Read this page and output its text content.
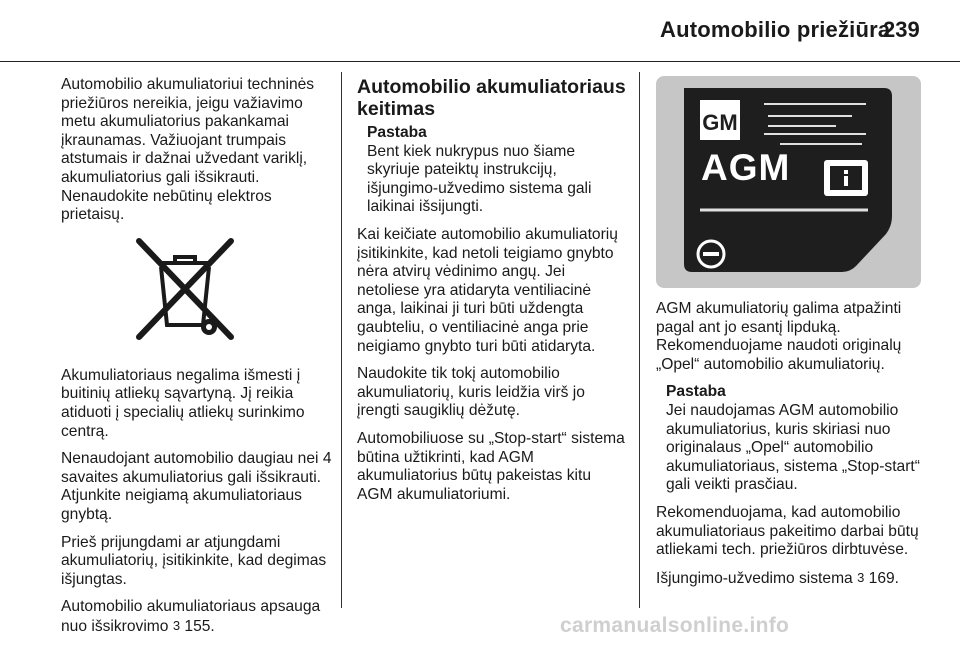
Automobilio priežiūra
239

Automobilio akumuliatoriui techninės priežiūros nereikia, jeigu važiavimo metu akumuliatorius pakankamai įkraunamas. Važiuojant trumpais atstumais ir dažnai užvedant variklį, akumuliatorius gali išsikrauti. Nenaudokite nebūtinų elektros prietaisų.

Akumuliatoriaus negalima išmesti į buitinių atliekų sąvartyną. Jį reikia atiduoti į specialių atliekų surinkimo centrą.

Nenaudojant automobilio daugiau nei 4 savaites akumuliatorius gali išsikrauti. Atjunkite neigiamą akumuliatoriaus gnybtą.

Prieš prijungdami ar atjungdami akumuliatorių, įsitikinkite, kad degimas išjungtas.

Automobilio akumuliatoriaus apsauga nuo išsikrovimo 3 155.

Automobilio akumuliatoriaus keitimas
Pastaba

Bent kiek nukrypus nuo šiame skyriuje pateiktų instrukcijų, išjungimo-užvedimo sistema gali laikinai išsijungti.

Kai keičiate automobilio akumuliatorių įsitikinkite, kad netoli teigiamo gnybto nėra atvirų vėdinimo angų. Jei netoliese yra atidaryta ventiliacinė anga, laikinai ji turi būti uždengta gaubteliu, o ventiliacinė anga prie neigiamo gnybto turi būti atidaryta.

Naudokite tik tokį automobilio akumuliatorių, kuris leidžia virš jo įrengti saugiklių dėžutę.

Automobiliuose su „Stop-start“ sistema būtina užtikrinti, kad AGM akumuliatorius būtų pakeistas kitu AGM akumuliatoriumi.

GM
AGM

AGM akumuliatorių galima atpažinti pagal ant jo esantį lipduką. Rekomenduojame naudoti originalų „Opel“ automobilio akumuliatorių.

Pastaba

Jei naudojamas AGM automobilio akumuliatorius, kuris skiriasi nuo originalaus „Opel“ automobilio akumuliatoriaus, sistema „Stop-start“ gali veikti prasčiau.

Rekomenduojama, kad automobilio akumuliatoriaus pakeitimo darbai būtų atliekami tech. priežiūros dirbtuvėse.

Išjungimo-užvedimo sistema 3 169.

carmanualsonline.info
